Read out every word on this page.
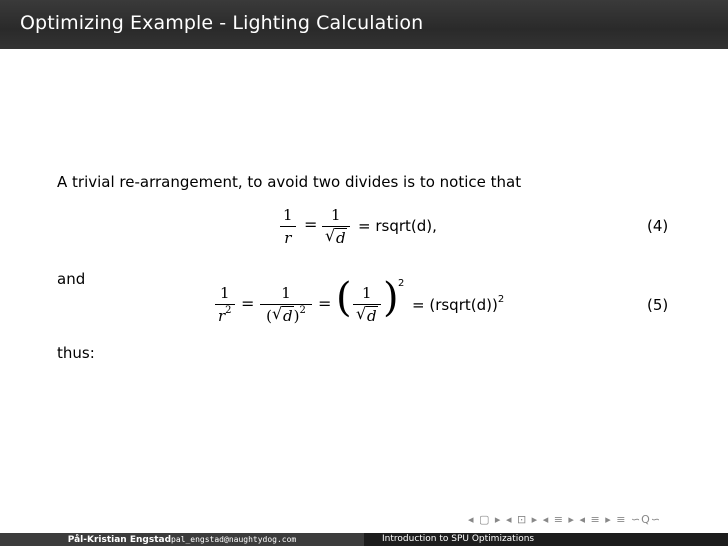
Optimizing Example - Lighting Calculation
A trivial re-arrangement, to avoid two divides is to notice that
1
r
= 1
√ d
= rsqrt(d),	(4)
and
1
$r^2$ =
1
( √ d)$^2$ = ( 1
√ d ) 2
= (rsqrt(d))$^2$	(5)
thus:
◂ ▢ ▸ ◂ ⊡ ▸ ◂ ≡ ▸ ◂ ≡ ▸ ≡ ∽Q∽
Pål-Kristian Engstadpal_engstad@naughtydog.com	Introduction to SPU Optimizations
